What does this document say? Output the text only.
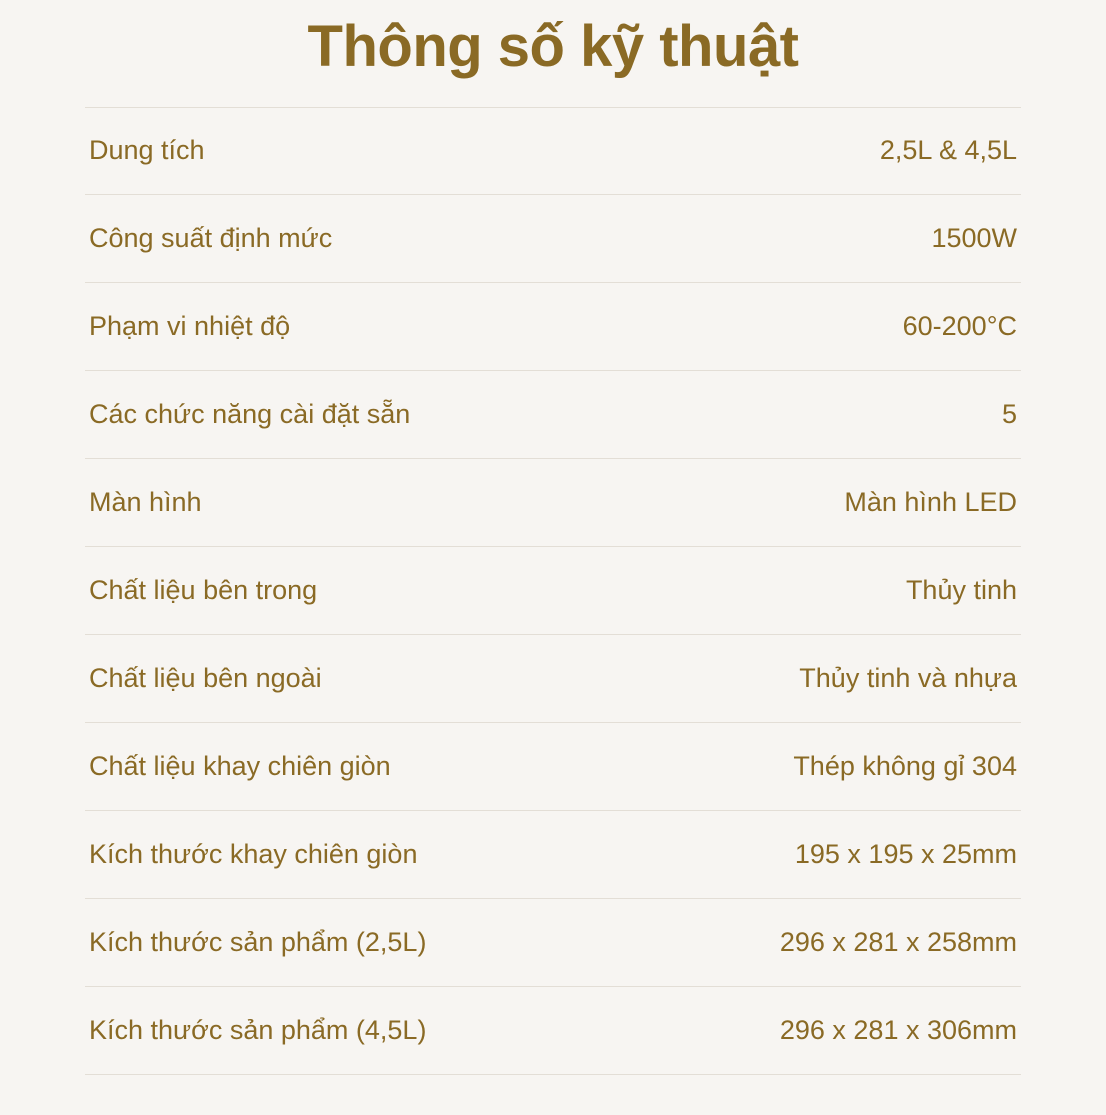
Thông số kỹ thuật
Dung tích	2,5L & 4,5L
Công suất định mức	1500W
Phạm vi nhiệt độ	60-200°C
Các chức năng cài đặt sẵn	5
Màn hình	Màn hình LED
Chất liệu bên trong	Thủy tinh
Chất liệu bên ngoài	Thủy tinh và nhựa
Chất liệu khay chiên giòn	Thép không gỉ 304
Kích thước khay chiên giòn	195 x 195 x 25mm
Kích thước sản phẩm (2,5L)	296 x 281 x 258mm
Kích thước sản phẩm (4,5L)	296 x 281 x 306mm
